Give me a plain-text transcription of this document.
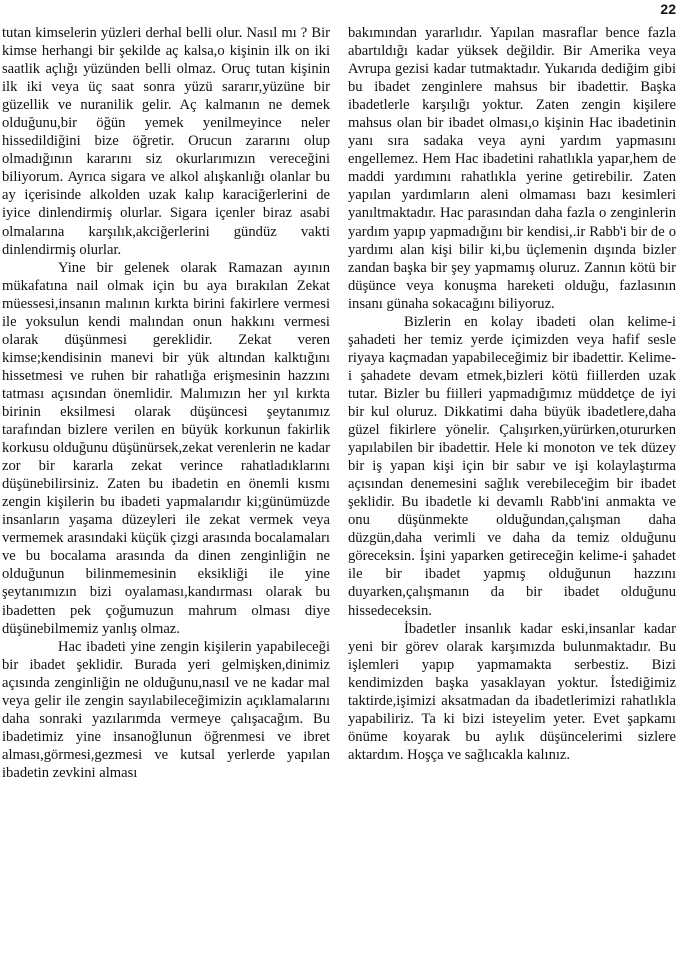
22

tutan kimselerin yüzleri derhal belli olur. Nasıl mı ? Bir kimse herhangi bir şekilde aç kalsa,o kişinin ilk on iki saatlik açlığı yüzünden belli olmaz. Oruç tutan kişinin ilk iki veya üç saat sonra yüzü sararır,yüzüne bir güzellik ve nuranilik gelir. Aç kalmanın ne demek olduğunu,bir öğün yemek yenilmeyince neler hissedildiğini bize öğretir. Orucun zararını olup olmadığının kararını siz okurlarımızın vereceğini biliyorum. Ayrıca sigara ve alkol alışkanlığı olanlar bu ay içerisinde alkolden uzak kalıp karaciğerlerini de iyice dinlendirmiş olurlar. Sigara içenler biraz asabi olmalarına karşılık,akciğerlerini gündüz vakti dinlendirmiş olurlar.

Yine bir gelenek olarak Ramazan ayının mükafatına nail olmak için bu aya bırakılan Zekat müessesi,insanın malının kırkta birini fakirlere vermesi ile yoksulun kendi malından onun hakkını vermesi olarak düşünmesi gereklidir. Zekat veren kimse;kendisinin manevi bir yük altından kalktığını hissetmesi ve ruhen bir rahatlığa erişmesinin hazzını tatması açısından önemlidir. Malımızın her yıl kırkta birinin eksilmesi olarak düşüncesi şeytanımız tarafından bizlere verilen en büyük korkunun fakirlik korkusu olduğunu düşünürsek,zekat verenlerin ne kadar zor bir kararla zekat verince rahatladıklarını düşünebilirsiniz. Zaten bu ibadetin en önemli kısmı zengin kişilerin bu ibadeti yapmalarıdır ki;günümüzde insanların yaşama düzeyleri ile zekat vermek veya vermemek arasındaki küçük çizgi arasında bocalamaları ve bu bocalama arasında da dinen zenginliğin ne olduğunun bilinmemesinin eksikliği ile yine şeytanımızın bizi oyalaması,kandırması olarak bu ibadetten pek çoğumuzun mahrum olması diye düşünebilmemiz yanlış olmaz.

Hac ibadeti yine zengin kişilerin yapabileceği bir ibadet şeklidir. Burada yeri gelmişken,dinimiz açısında zenginliğin ne olduğunu,nasıl ve ne kadar mal veya gelir ile zengin sayılabileceğimizin açıklamalarını daha sonraki yazılarımda vermeye çalışacağım. Bu ibadetimiz yine insanoğlunun öğrenmesi ve ibret alması,görmesi,gezmesi ve kutsal yerlerde yapılan ibadetin zevkini alması

bakımından yararlıdır. Yapılan masraflar bence fazla abartıldığı kadar yüksek değildir. Bir Amerika veya Avrupa gezisi kadar tutmaktadır. Yukarıda dediğim gibi bu ibadet zenginlere mahsus bir ibadettir. Başka ibadetlerle karşılığı yoktur. Zaten zengin kişilere mahsus olan bir ibadet olması,o kişinin Hac ibadetinin yanı sıra sadaka veya ayni yardım yapmasını engellemez. Hem Hac ibadetini rahatlıkla yapar,hem de maddi yardımını rahatlıkla yerine getirebilir. Zaten yapılan yardımların aleni olmaması bazı kesimleri yanıltmaktadır. Hac parasından daha fazla o zenginlerin yardım yapıp yapmadığını bir kendisi,.ir Rabb'i bir de o yardımı alan kişi bilir ki,bu üçlemenin dışında bizler zandan başka bir şey yapmamış oluruz. Zannın kötü bir düşünce veya konuşma hareketi olduğu, fazlasının insanı günaha sokacağını biliyoruz.

Bizlerin en kolay ibadeti olan kelime-i şahadeti her temiz yerde içimizden veya hafif sesle riyaya kaçmadan yapabileceğimiz bir ibadettir. Kelime-i şahadete devam etmek,bizleri kötü fiillerden uzak tutar. Bizler bu fiilleri yapmadığımız müddetçe de iyi bir kul oluruz. Dikkatimi daha büyük ibadetlere,daha güzel fikirlere yönelir. Çalışırken,yürürken,otururken yapılabilen bir ibadettir. Hele ki monoton ve tek düzey bir iş yapan kişi için bir sabır ve işi kolaylaştırma açısından denemesini sağlık verebileceğim bir ibadet şeklidir. Bu ibadetle ki devamlı Rabb'ini anmakta ve onu düşünmekte olduğundan,çalışman daha düzgün,daha verimli ve daha da temiz olduğunu göreceksin. İşini yaparken getireceğin kelime-i şahadet ile bir ibadet yapmış olduğunun hazzını duyarken,çalışmanın da bir ibadet olduğunu hissedeceksin.

İbadetler insanlık kadar eski,insanlar kadar yeni bir görev olarak karşımızda bulunmaktadır. Bu işlemleri yapıp yapmamakta serbestiz. Bizi kendimizden başka yasaklayan yoktur. İstediğimiz taktirde,işimizi aksatmadan da ibadetlerimizi rahatlıkla yapabiliriz. Ta ki bizi isteyelim yeter. Evet şapkamı önüme koyarak bu aylık düşüncelerimi sizlere aktardım. Hoşça ve sağlıcakla kalınız.
